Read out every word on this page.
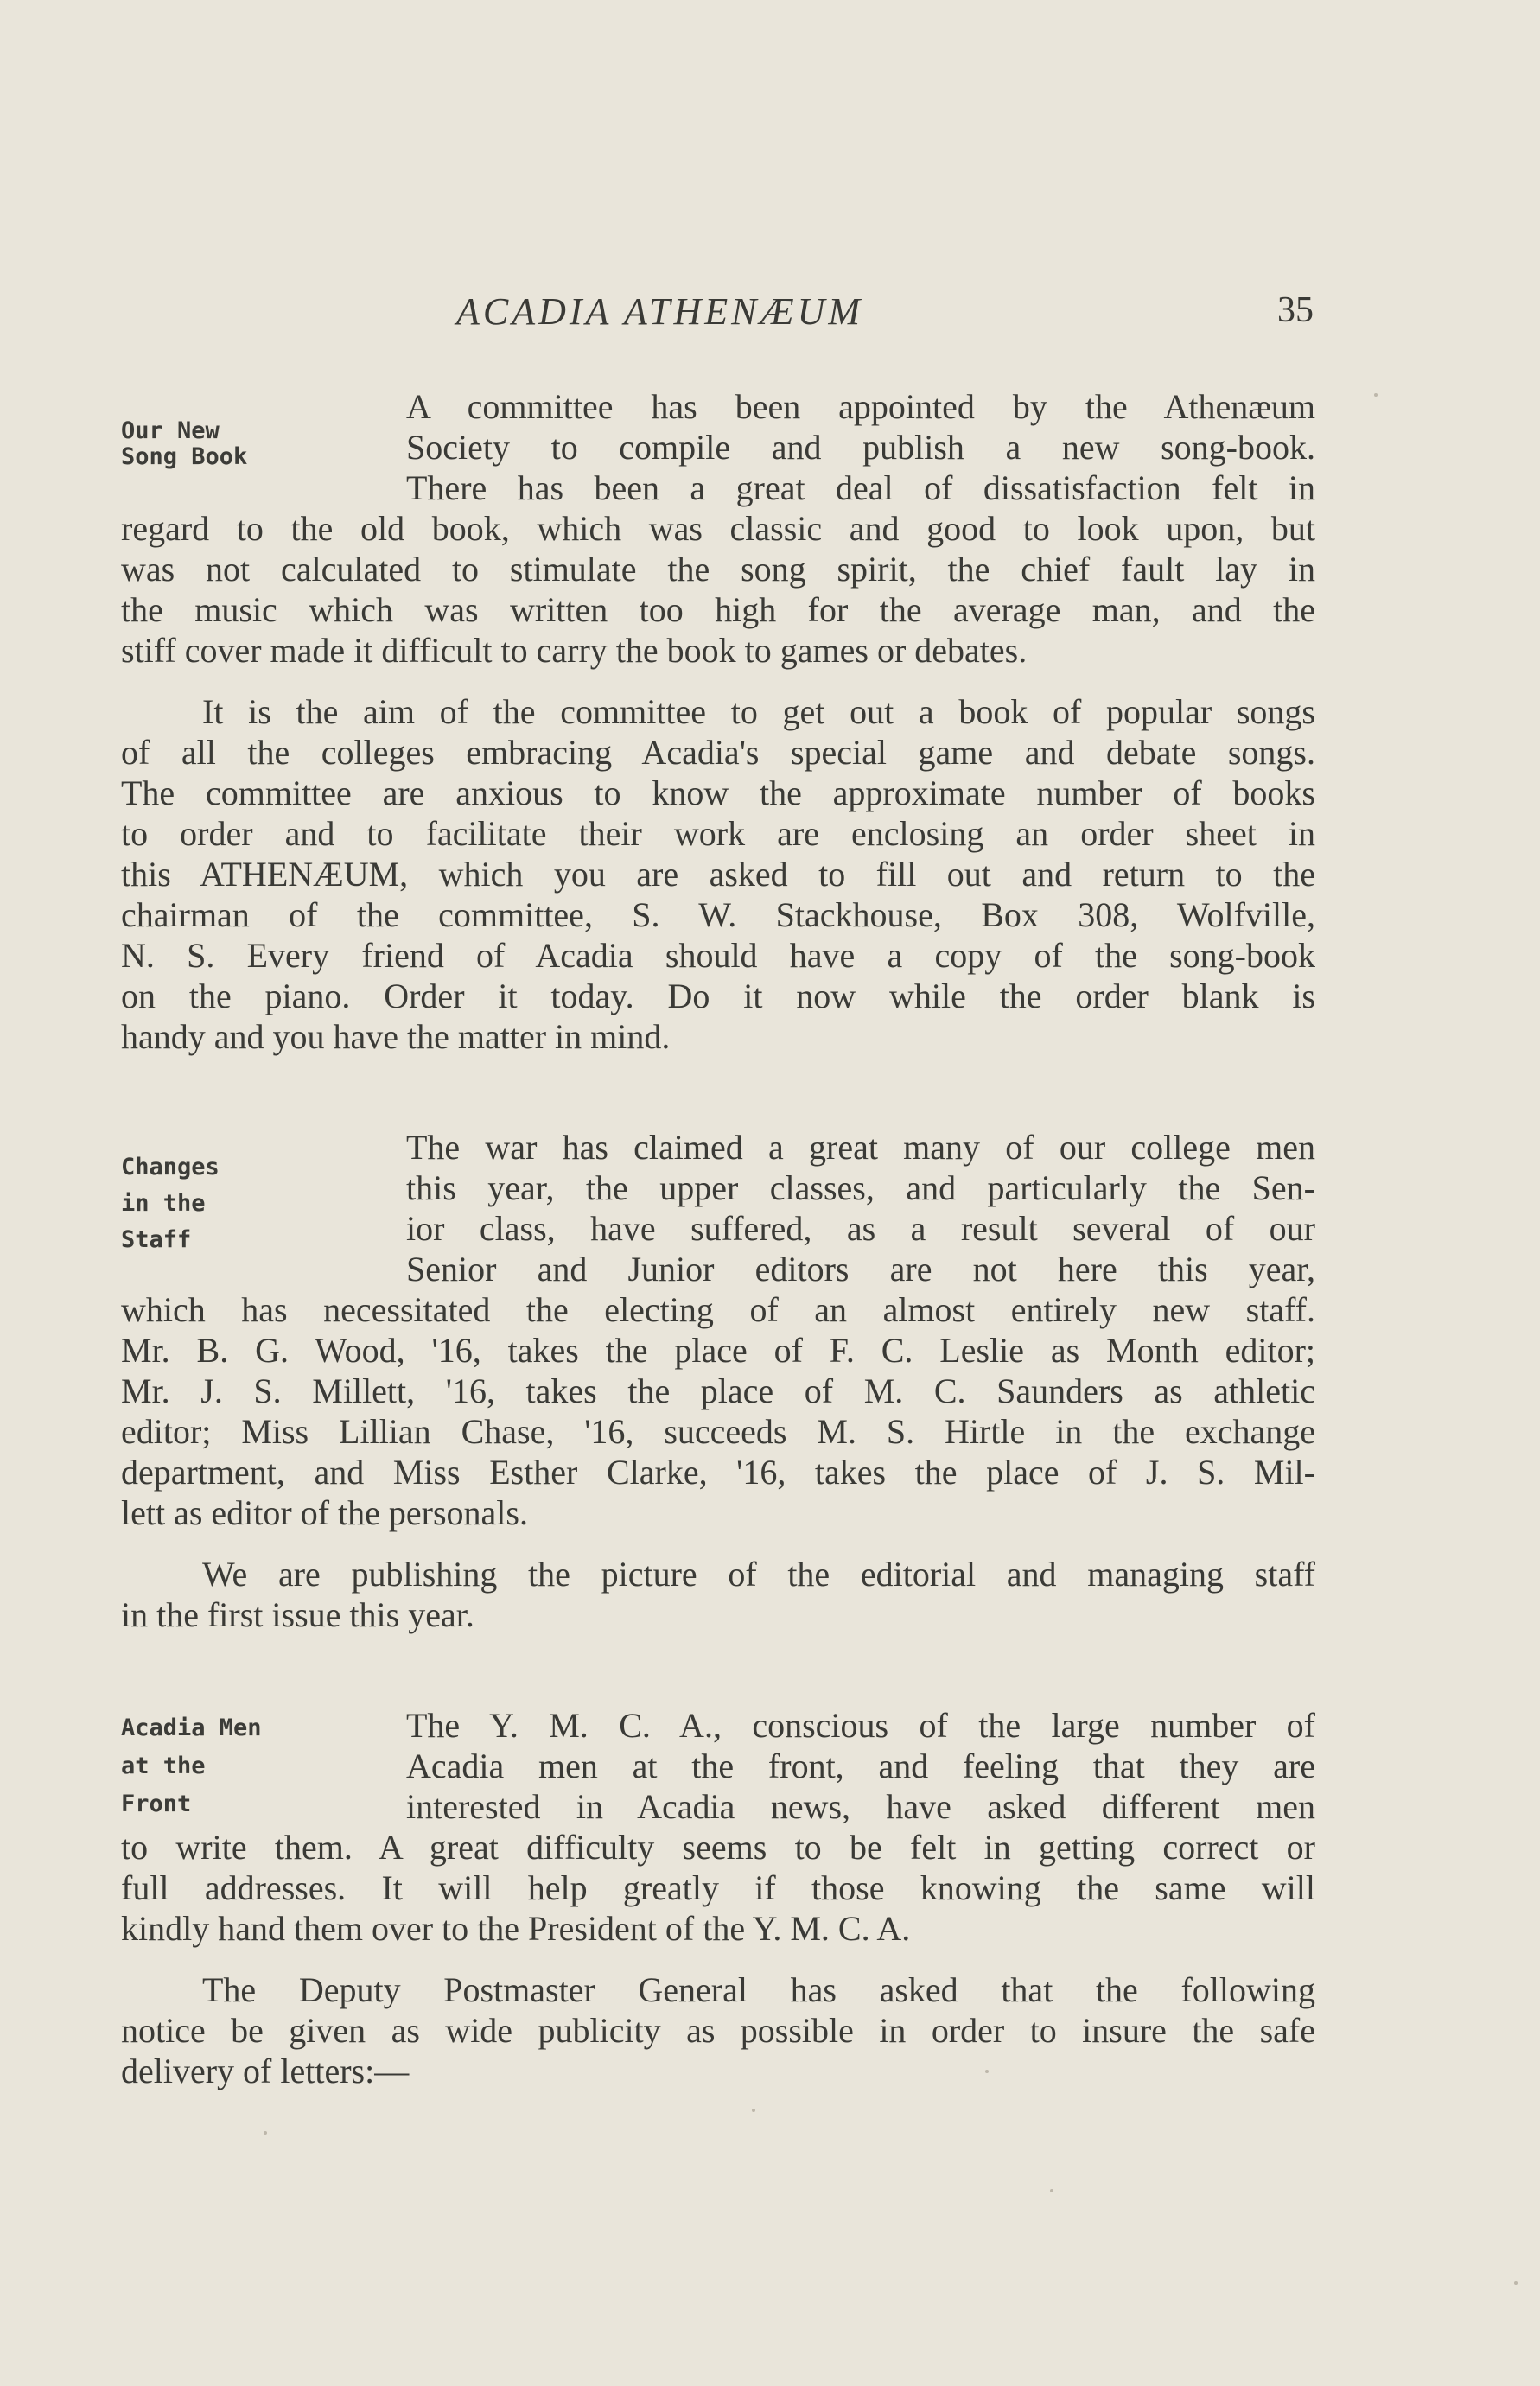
ACADIA ATHENÆUM	35
Our New
Song Book
A committee has been appointed by the Athenæum
Society to compile and publish a new song-book.
There has been a great deal of dissatisfaction felt in
regard to the old book, which was classic and good to look upon, but
was not calculated to stimulate the song spirit, the chief fault lay in
the music which was written too high for the average man, and the
stiff cover made it difficult to carry the book to games or debates.
It is the aim of the committee to get out a book of popular songs
of all the colleges embracing Acadia's special game and debate songs.
The committee are anxious to know the approximate number of books
to order and to facilitate their work are enclosing an order sheet in
this ATHENÆUM, which you are asked to fill out and return to the
chairman of the committee, S. W. Stackhouse, Box 308, Wolfville,
N. S. Every friend of Acadia should have a copy of the song-book
on the piano. Order it today. Do it now while the order blank is
handy and you have the matter in mind.
Changes
in the
Staff
The war has claimed a great many of our college men
this year, the upper classes, and particularly the Sen-
ior class, have suffered, as a result several of our
Senior and Junior editors are not here this year,
which has necessitated the electing of an almost entirely new staff.
Mr. B. G. Wood, '16, takes the place of F. C. Leslie as Month editor;
Mr. J. S. Millett, '16, takes the place of M. C. Saunders as athletic
editor; Miss Lillian Chase, '16, succeeds M. S. Hirtle in the exchange
department, and Miss Esther Clarke, '16, takes the place of J. S. Mil-
lett as editor of the personals.
We are publishing the picture of the editorial and managing staff
in the first issue this year.
Acadia Men
at the
Front
The Y. M. C. A., conscious of the large number of
Acadia men at the front, and feeling that they are
interested in Acadia news, have asked different men
to write them. A great difficulty seems to be felt in getting correct or
full addresses. It will help greatly if those knowing the same will
kindly hand them over to the President of the Y. M. C. A.
The Deputy Postmaster General has asked that the following
notice be given as wide publicity as possible in order to insure the safe
delivery of letters:—
